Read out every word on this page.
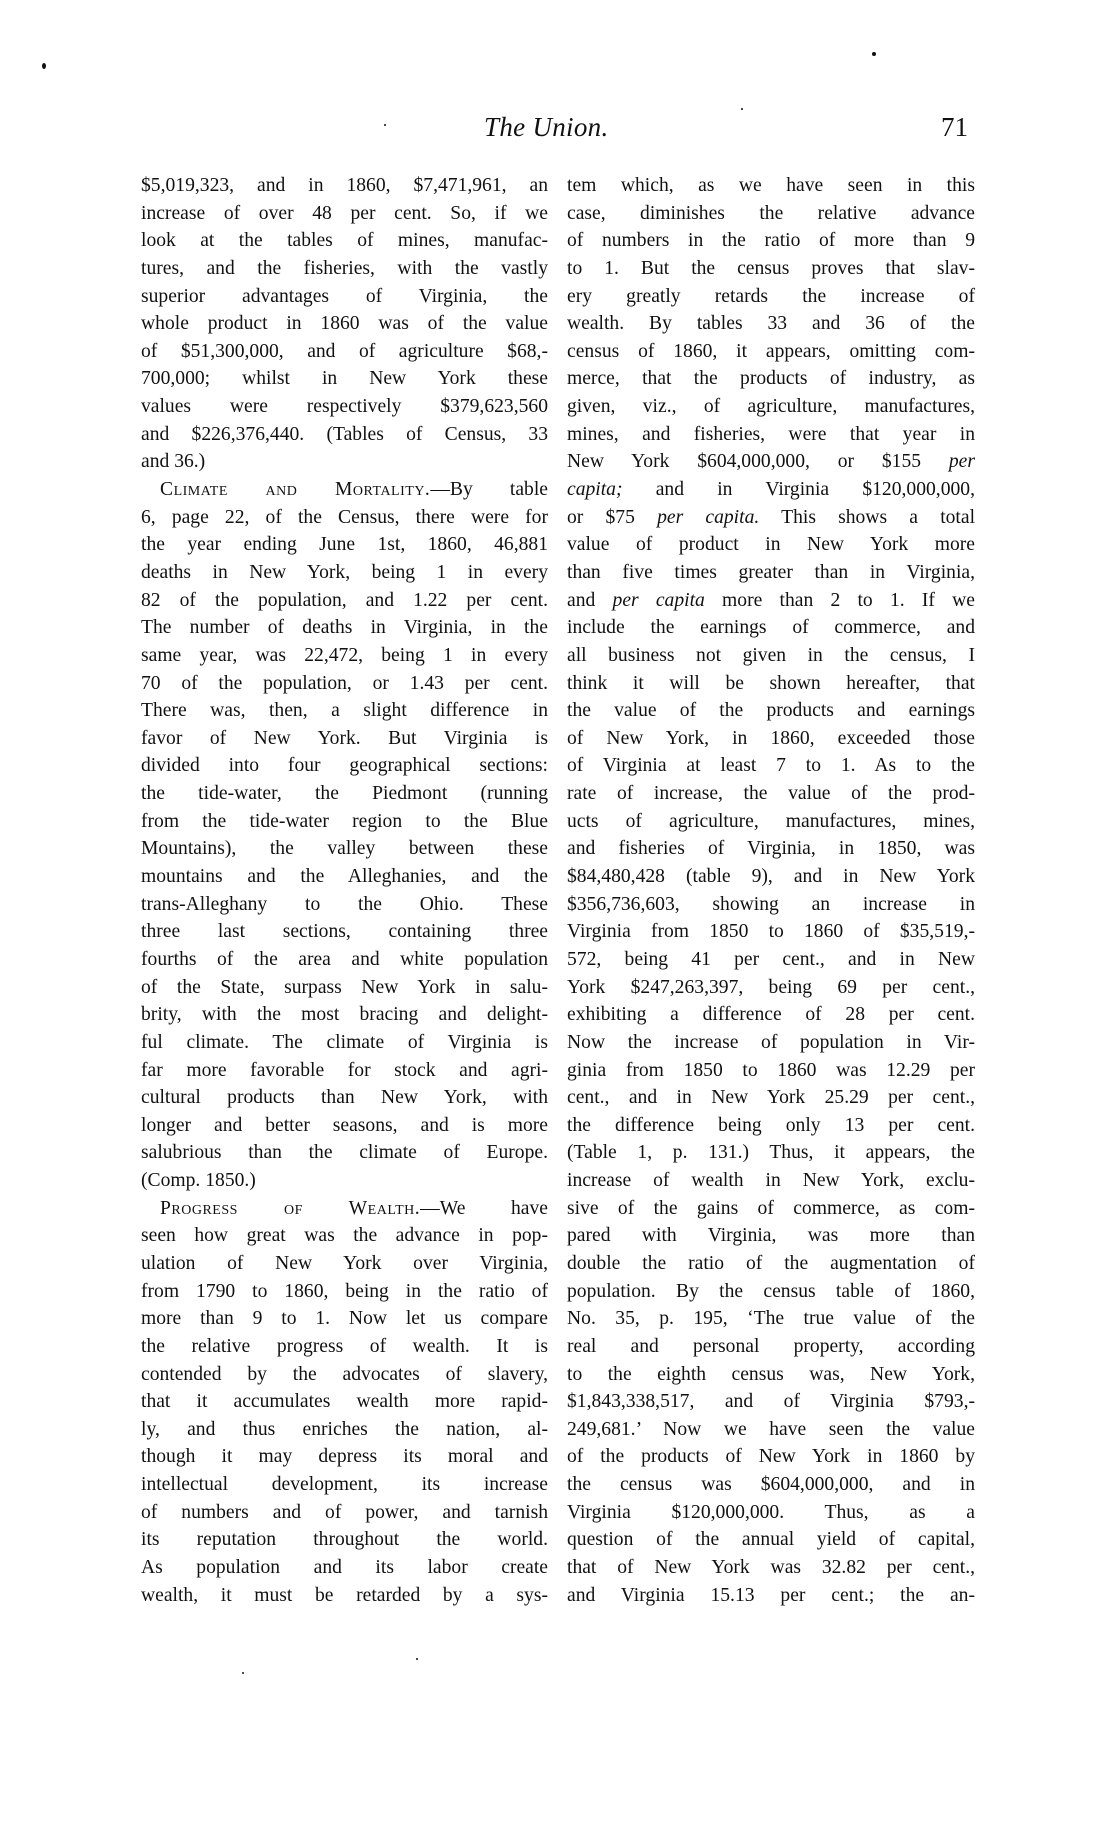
The Union.	71
$5,019,323, and in 1860, $7,471,961, an
increase of over 48 per cent. So, if we
look at the tables of mines, manufac-
tures, and the fisheries, with the vastly
superior advantages of Virginia, the
whole product in 1860 was of the value
of $51,300,000, and of agriculture $68,-
700,000; whilst in New York these
values were respectively $379,623,560
and $226,376,440. (Tables of Census, 33
and 36.)
Climate and Mortality.—By table
6, page 22, of the Census, there were for
the year ending June 1st, 1860, 46,881
deaths in New York, being 1 in every
82 of the population, and 1.22 per cent.
The number of deaths in Virginia, in the
same year, was 22,472, being 1 in every
70 of the population, or 1.43 per cent.
There was, then, a slight difference in
favor of New York. But Virginia is
divided into four geographical sections:
the tide-water, the Piedmont (running
from the tide-water region to the Blue
Mountains), the valley between these
mountains and the Alleghanies, and the
trans-Alleghany to the Ohio. These
three last sections, containing three
fourths of the area and white population
of the State, surpass New York in salu-
brity, with the most bracing and delight-
ful climate. The climate of Virginia is
far more favorable for stock and agri-
cultural products than New York, with
longer and better seasons, and is more
salubrious than the climate of Europe.
(Comp. 1850.)
Progress of Wealth.—We have
seen how great was the advance in pop-
ulation of New York over Virginia,
from 1790 to 1860, being in the ratio of
more than 9 to 1. Now let us compare
the relative progress of wealth. It is
contended by the advocates of slavery,
that it accumulates wealth more rapid-
ly, and thus enriches the nation, al-
though it may depress its moral and
intellectual development, its increase
of numbers and of power, and tarnish
its reputation throughout the world.
As population and its labor create
wealth, it must be retarded by a sys-
tem which, as we have seen in this
case, diminishes the relative advance
of numbers in the ratio of more than 9
to 1. But the census proves that slav-
ery greatly retards the increase of
wealth. By tables 33 and 36 of the
census of 1860, it appears, omitting com-
merce, that the products of industry, as
given, viz., of agriculture, manufactures,
mines, and fisheries, were that year in
New York $604,000,000, or $155 per
capita; and in Virginia $120,000,000,
or $75 per capita. This shows a total
value of product in New York more
than five times greater than in Virginia,
and per capita more than 2 to 1. If we
include the earnings of commerce, and
all business not given in the census, I
think it will be shown hereafter, that
the value of the products and earnings
of New York, in 1860, exceeded those
of Virginia at least 7 to 1. As to the
rate of increase, the value of the prod-
ucts of agriculture, manufactures, mines,
and fisheries of Virginia, in 1850, was
$84,480,428 (table 9), and in New York
$356,736,603, showing an increase in
Virginia from 1850 to 1860 of $35,519,-
572, being 41 per cent., and in New
York $247,263,397, being 69 per cent.,
exhibiting a difference of 28 per cent.
Now the increase of population in Vir-
ginia from 1850 to 1860 was 12.29 per
cent., and in New York 25.29 per cent.,
the difference being only 13 per cent.
(Table 1, p. 131.) Thus, it appears, the
increase of wealth in New York, exclu-
sive of the gains of commerce, as com-
pared with Virginia, was more than
double the ratio of the augmentation of
population. By the census table of 1860,
No. 35, p. 195, ‘The true value of the
real and personal property, according
to the eighth census was, New York,
$1,843,338,517, and of Virginia $793,-
249,681.’ Now we have seen the value
of the products of New York in 1860 by
the census was $604,000,000, and in
Virginia $120,000,000. Thus, as a
question of the annual yield of capital,
that of New York was 32.82 per cent.,
and Virginia 15.13 per cent.; the an-
